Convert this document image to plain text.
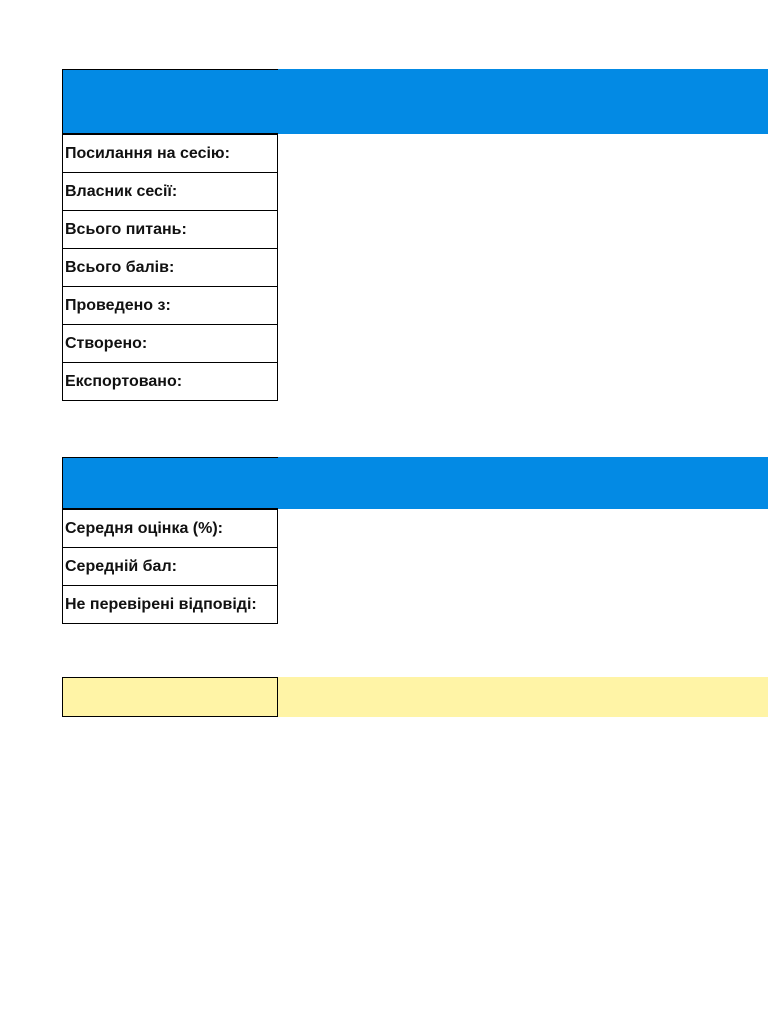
Посилання на сесію:
Власник сесії:
Всього питань:
Всього балів:
Проведено з:
Створено:
Експортовано:
Середня оцінка (%):
Середній бал:
Не перевірені відповіді:
